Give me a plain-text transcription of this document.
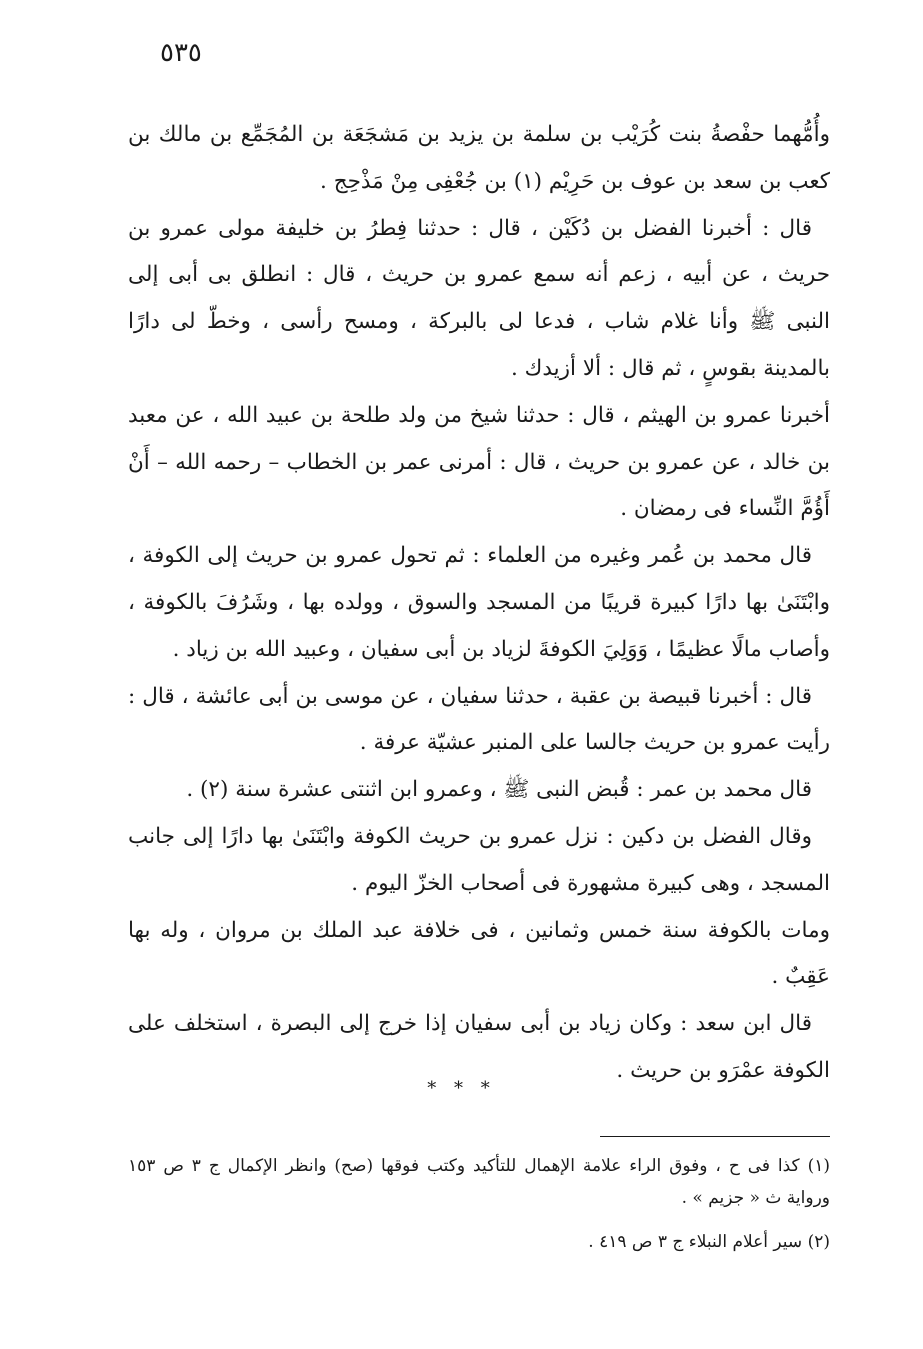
٥٣٥

وأُمُّهما حفْصةُ بنت كُرَيْب بن سلمة بن يزيد بن مَشجَعَة بن المُجَمِّع بن مالك بن كعب بن سعد بن عوف بن حَرِيْم (١) بن جُعْفِى مِنْ مَذْحِج .

قال : أخبرنا الفضل بن دُكَيْن ، قال : حدثنا فِطرُ بن خليفة مولى عمرو بن حريث ، عن أبيه ، زعم أنه سمع عمرو بن حريث ، قال : انطلق بى أبى إلى النبى ﷺ وأنا غلام شاب ، فدعا لى بالبركة ، ومسح رأسى ، وخطّ لى دارًا بالمدينة بقوسٍ ، ثم قال : ألا أزيدك .

أخبرنا عمرو بن الهيثم ، قال : حدثنا شيخ من ولد طلحة بن عبيد الله ، عن معبد بن خالد ، عن عمرو بن حريث ، قال : أمرنى عمر بن الخطاب – رحمه الله – أَنْ أَؤُمَّ النِّساء فى رمضان .

قال محمد بن عُمر وغيره من العلماء : ثم تحول عمرو بن حريث إلى الكوفة ، وابْتَنَىٰ بها دارًا كبيرة قريبًا من المسجد والسوق ، وولده بها ، وشَرُفَ بالكوفة ، وأصاب مالًا عظيمًا ، وَوَلِيَ الكوفةَ لزياد بن أبى سفيان ، وعبيد الله بن زياد .

قال : أخبرنا قبيصة بن عقبة ، حدثنا سفيان ، عن موسى بن أبى عائشة ، قال : رأيت عمرو بن حريث جالسا على المنبر عشيّة عرفة .

قال محمد بن عمر : قُبض النبى ﷺ ، وعمرو ابن اثنتى عشرة سنة (٢) .

وقال الفضل بن دكين : نزل عمرو بن حريث الكوفة وابْتَنَىٰ بها دارًا إلى جانب المسجد ، وهى كبيرة مشهورة فى أصحاب الخزّ اليوم .

ومات بالكوفة سنة خمس وثمانين ، فى خلافة عبد الملك بن مروان ، وله بها عَقِبٌ .

قال ابن سعد : وكان زياد بن أبى سفيان إذا خرج إلى البصرة ، استخلف على الكوفة عمْرَو بن حريث .

* * *

(١) كذا فى ح ، وفوق الراء علامة الإهمال للتأكيد وكتب فوقها (صح) وانظر الإكمال ج ٣ ص ١٥٣ ورواية ث « جزيم » .

(٢) سير أعلام النبلاء ج ٣ ص ٤١٩ .
